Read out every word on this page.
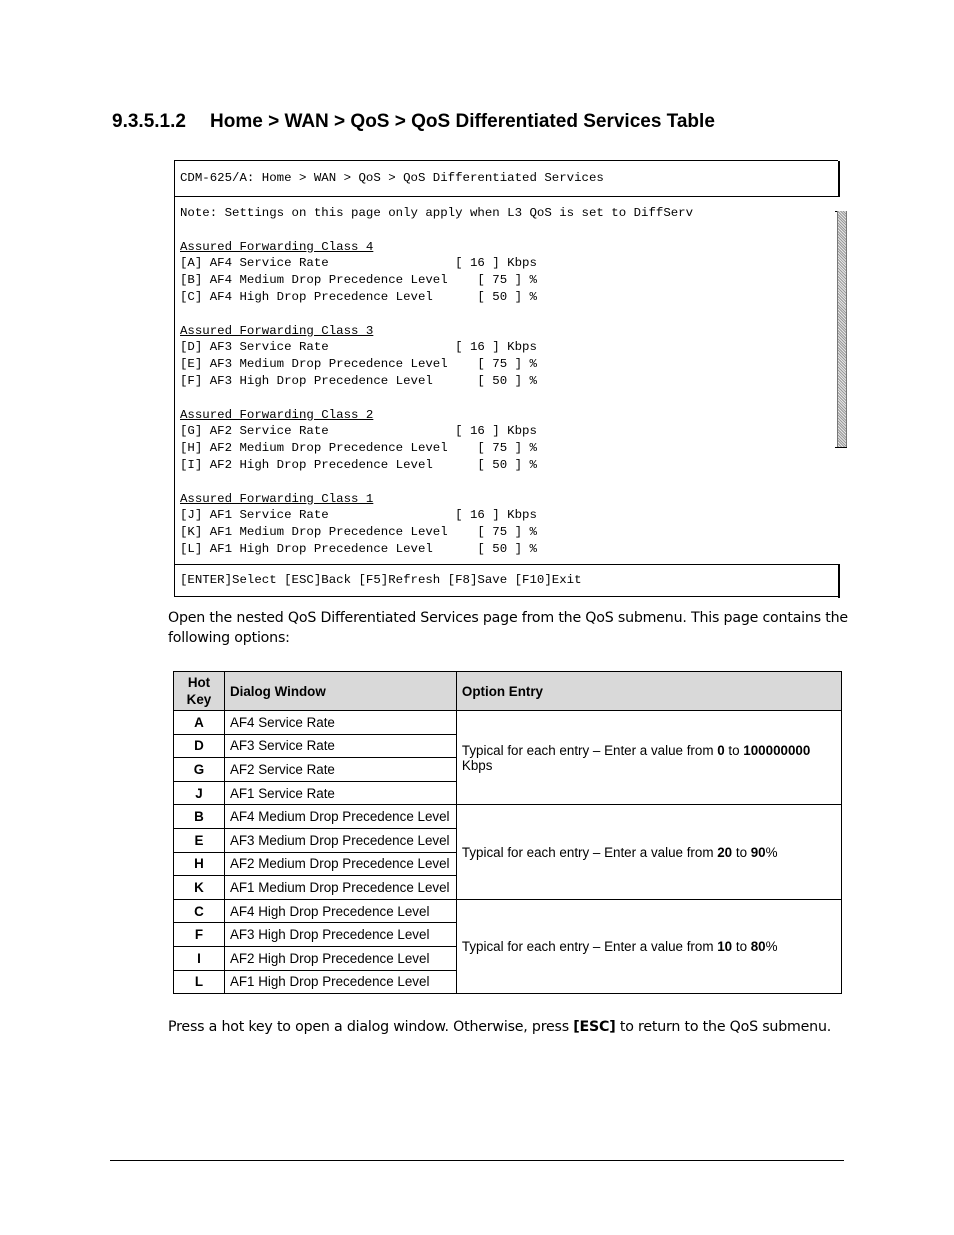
9.3.5.1.2 Home > WAN > QoS > QoS Differentiated Services Table
CDM-625/A: Home > WAN > QoS > QoS Differentiated Services
Note: Settings on this page only apply when L3 QoS is set to DiffServ
Assured Forwarding Class 4
[A] AF4 Service Rate                 [ 16 ] Kbps
[B] AF4 Medium Drop Precedence Level    [ 75 ] %
[C] AF4 High Drop Precedence Level      [ 50 ] %
Assured Forwarding Class 3
[D] AF3 Service Rate                 [ 16 ] Kbps
[E] AF3 Medium Drop Precedence Level    [ 75 ] %
[F] AF3 High Drop Precedence Level      [ 50 ] %
Assured Forwarding Class 2
[G] AF2 Service Rate                 [ 16 ] Kbps
[H] AF2 Medium Drop Precedence Level    [ 75 ] %
[I] AF2 High Drop Precedence Level      [ 50 ] %
Assured Forwarding Class 1
[J] AF1 Service Rate                 [ 16 ] Kbps
[K] AF1 Medium Drop Precedence Level    [ 75 ] %
[L] AF1 High Drop Precedence Level      [ 50 ] %
[ENTER]Select [ESC]Back [F5]Refresh [F8]Save [F10]Exit
Open the nested QoS Differentiated Services page from the QoS submenu. This page contains the following options:
Hot
Key	Dialog Window	Option Entry
A	AF4 Service Rate	Typical for each entry – Enter a value from 0 to 100000000 Kbps
D	AF3 Service Rate	
G	AF2 Service Rate	
J	AF1 Service Rate	
B	AF4 Medium Drop Precedence Level	Typical for each entry – Enter a value from 20 to 90%
E	AF3 Medium Drop Precedence Level	
H	AF2 Medium Drop Precedence Level	
K	AF1 Medium Drop Precedence Level	
C	AF4 High Drop Precedence Level	Typical for each entry – Enter a value from 10 to 80%
F	AF3 High Drop Precedence Level	
I	AF2 High Drop Precedence Level	
L	AF1 High Drop Precedence Level	
Press a hot key to open a dialog window. Otherwise, press [ESC] to return to the QoS submenu.
